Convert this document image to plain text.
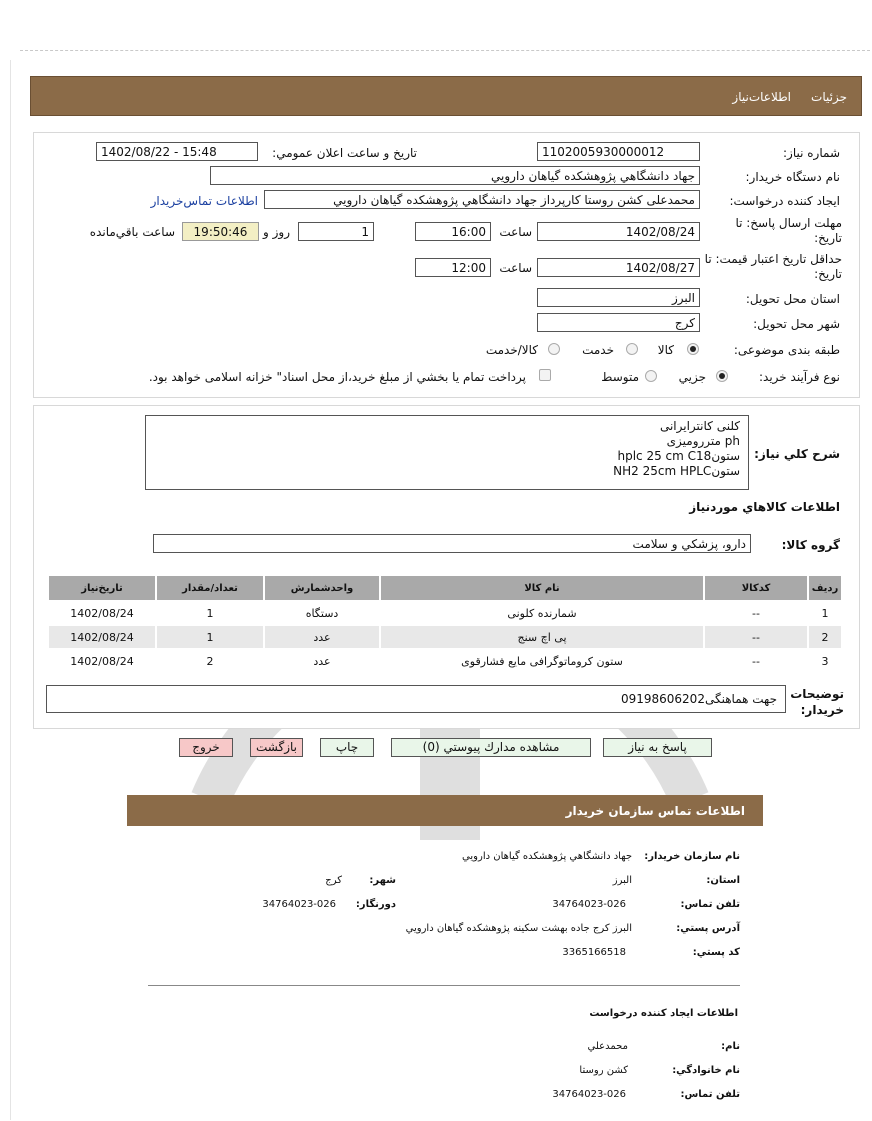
جزئيات
اطلاعات‌نیاز
شماره نياز:
1102005930000012
تاريخ و ساعت اعلان عمومي:
1402/08/22 - 15:48
نام دستگاه خريدار:
جهاد دانشگاهي پژوهشكده گياهان دارويي
ايجاد كننده درخواست:
محمدعلی کشن روستا کارپرداز جهاد دانشگاهي پژوهشكده گياهان دارويي
اطلاعات تماس‌خریدار
مهلت ارسال پاسخ: تا تاريخ:
1402/08/24
ساعت
16:00
1
روز و
19:50:46
ساعت باقي‌مانده
حداقل تاريخ اعتبار قيمت: تا تاريخ:
1402/08/27
ساعت
12:00
استان محل تحويل:
البرز
شهر محل تحويل:
كرج
طبقه بندی موضوعی:
كالا
خدمت
كالا/خدمت
نوع فرآيند خريد:
جزيي
متوسط
پرداخت تمام يا بخشي از مبلغ خريد،از محل اسناد" خزانه اسلامی خواهد بود.
شرح كلي نياز:
کلنی کانترایرانی
ph متررومیزی
ستونhplc 25 cm C18
ستونNH2 25cm HPLC
اطلاعات كالاهاي موردنياز
گروه كالا:
دارو، پزشكي و سلامت
رديف	كدكالا	نام كالا	واحدشمارش	تعداد/مقدار	تاريخ‌نياز
1	--	شمارنده کلونی	دستگاه	1	1402/08/24
2	--	پی اچ سنج	عدد	1	1402/08/24
3	--	ستون کروماتوگرافی مایع فشارقوی	عدد	2	1402/08/24
توضيحات خريدار:
جهت هماهنگی09198606202
پاسخ به نياز
مشاهده مدارك پيوستي (0)
چاپ
بازگشت
خروج
اطلاعات تماس سازمان خریدار
نام سازمان خريدار:
جهاد دانشگاهي پژوهشكده گياهان دارويي
استان:
البرز
شهر:
كرج
تلفن تماس:
34764023-026
دورنگار:
34764023-026
آدرس پستي:
البرز كرج جاده بهشت سكينه پژوهشكده گياهان دارويي
كد پستي:
3365166518
اطلاعات ايجاد كننده درخواست
نام:
محمدعلي
نام خانوادگي:
كشن روستا
تلفن تماس:
34764023-026
